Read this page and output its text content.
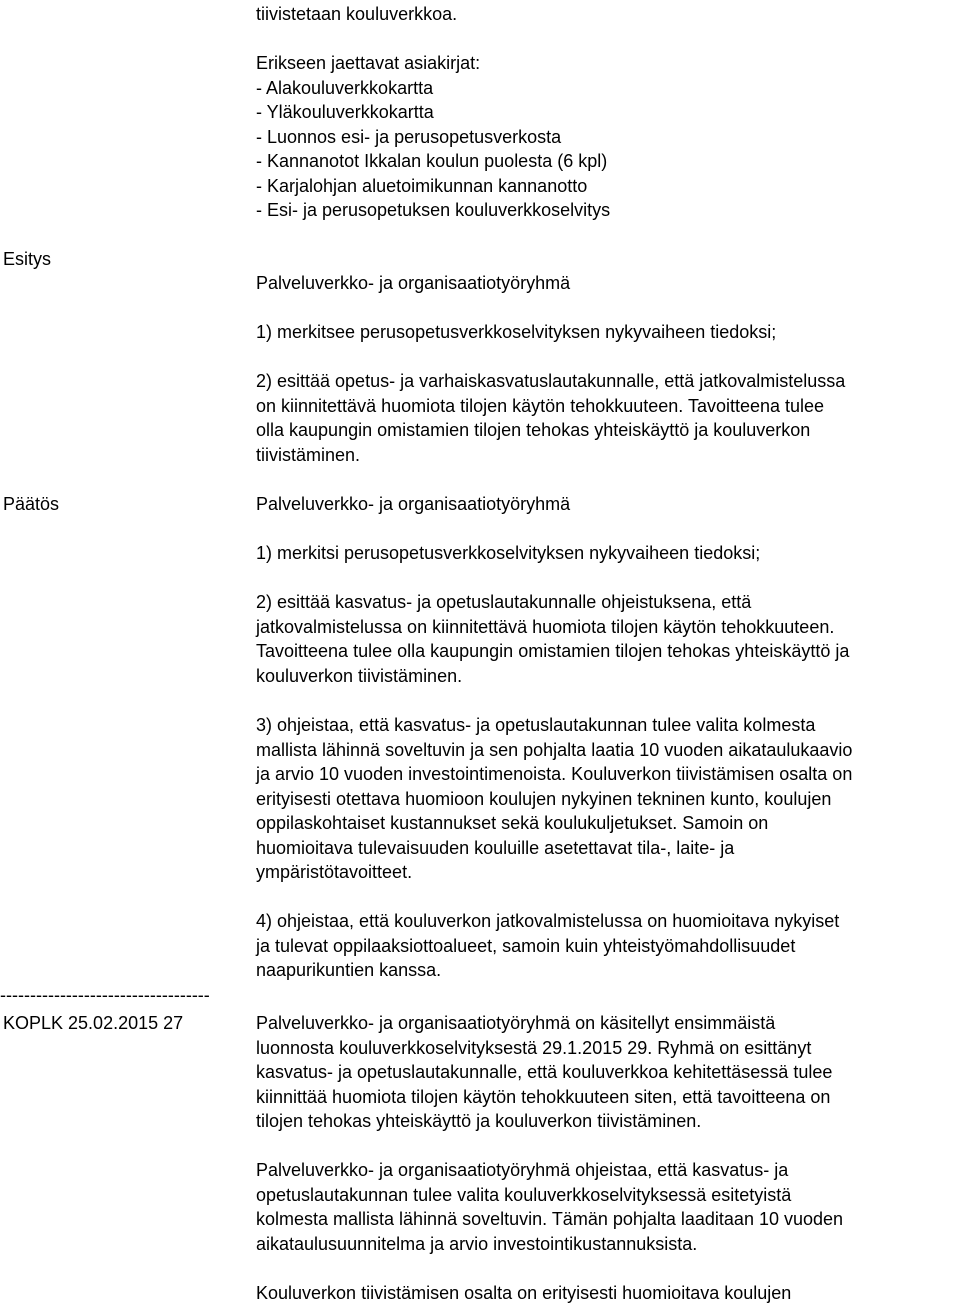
tiivistetaan kouluverkkoa.
Erikseen jaettavat asiakirjat:
- Alakouluverkkokartta
- Yläkouluverkkokartta
- Luonnos esi- ja perusopetusverkosta
- Kannanotot Ikkalan koulun puolesta (6 kpl)
- Karjalohjan aluetoimikunnan kannanotto
- Esi- ja perusopetuksen kouluverkkoselvitys
Esitys
Palveluverkko- ja organisaatiotyöryhmä
1) merkitsee perusopetusverkkoselvityksen nykyvaiheen tiedoksi;
2) esittää opetus- ja varhaiskasvatuslautakunnalle, että jatkovalmistelussa
on kiinnitettävä huomiota tilojen käytön tehokkuuteen. Tavoitteena tulee
olla kaupungin omistamien tilojen tehokas yhteiskäyttö ja kouluverkon
tiivistäminen.
Päätös	Palveluverkko- ja organisaatiotyöryhmä
1) merkitsi perusopetusverkkoselvityksen nykyvaiheen tiedoksi;
2) esittää kasvatus- ja opetuslautakunnalle ohjeistuksena, että
jatkovalmistelussa on kiinnitettävä huomiota tilojen käytön tehokkuuteen.
Tavoitteena tulee olla kaupungin omistamien tilojen tehokas yhteiskäyttö ja
kouluverkon tiivistäminen.
3) ohjeistaa, että kasvatus- ja opetuslautakunnan tulee valita kolmesta
mallista lähinnä soveltuvin ja sen pohjalta laatia 10 vuoden aikataulukaavio
ja arvio 10 vuoden investointimenoista. Kouluverkon tiivistämisen osalta on
erityisesti otettava huomioon koulujen nykyinen tekninen kunto, koulujen
oppilaskohtaiset kustannukset sekä koulukuljetukset. Samoin on
huomioitava tulevaisuuden kouluille asetettavat tila-, laite- ja
ympäristötavoitteet.
4) ohjeistaa, että kouluverkon jatkovalmistelussa on huomioitava nykyiset
ja tulevat oppilaaksiottoalueet, samoin kuin yhteistyömahdollisuudet
naapurikuntien kanssa.
-----------------------------------
KOPLK 25.02.2015 27	Palveluverkko- ja organisaatiotyöryhmä on käsitellyt ensimmäistä
luonnosta kouluverkkoselvityksestä 29.1.2015 29. Ryhmä on esittänyt
kasvatus- ja opetuslautakunnalle, että kouluverkkoa kehitettäsessä tulee
kiinnittää huomiota tilojen käytön tehokkuuteen siten, että tavoitteena on
tilojen tehokas yhteiskäyttö ja kouluverkon tiivistäminen.
Palveluverkko- ja organisaatiotyöryhmä ohjeistaa, että kasvatus- ja
opetuslautakunnan tulee valita kouluverkkoselvityksessä esitetyistä
kolmesta mallista lähinnä soveltuvin. Tämän pohjalta laaditaan 10 vuoden
aikataulusuunnitelma ja arvio investointikustannuksista.
Kouluverkon tiivistämisen osalta on erityisesti huomioitava koulujen
